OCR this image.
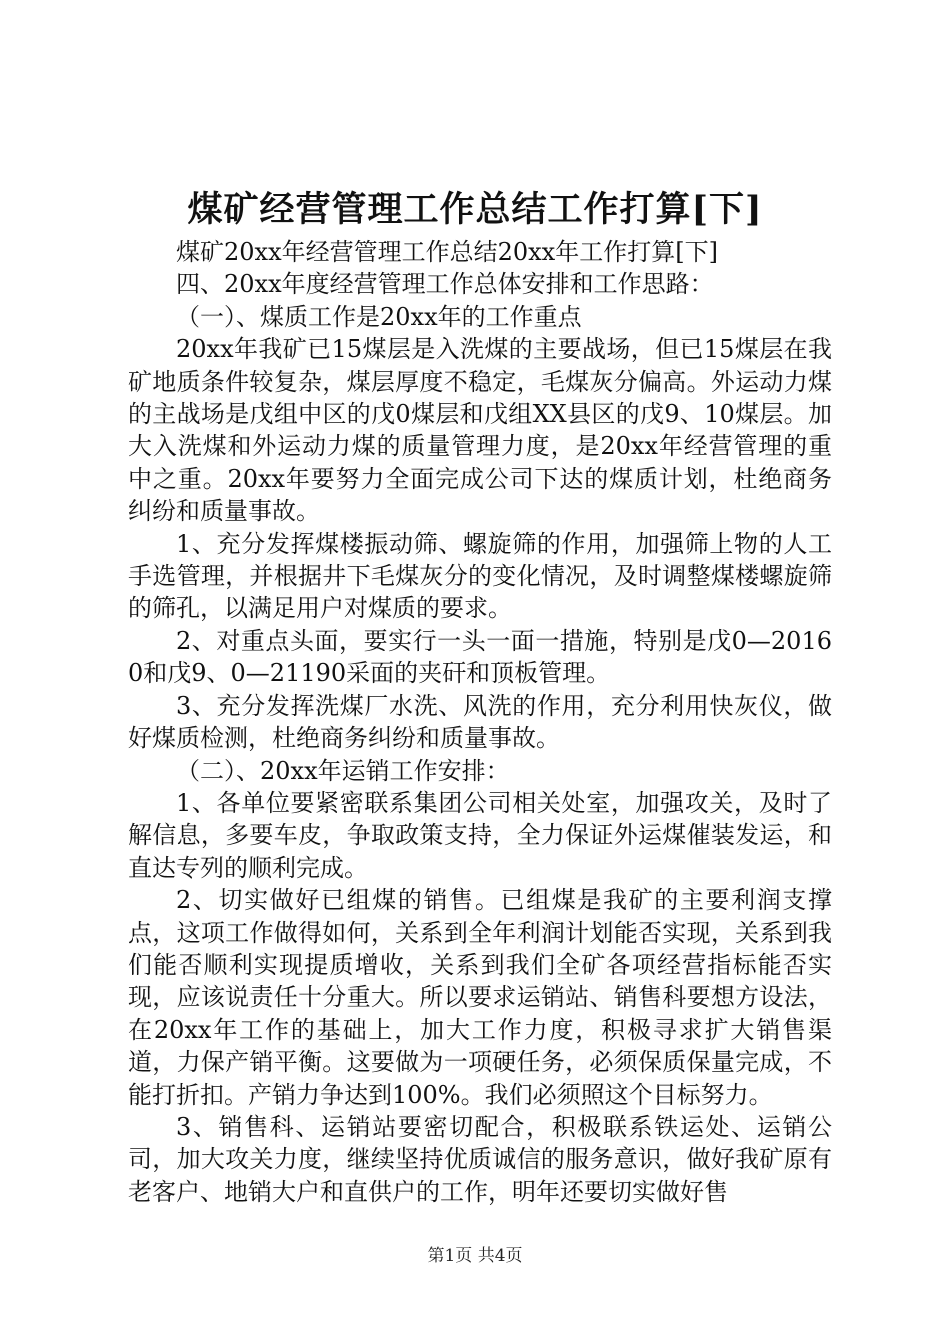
煤矿经营管理工作总结工作打算[下]

煤矿20xx年经营管理工作总结20xx年工作打算[下]

四、20xx年度经营管理工作总体安排和工作思路：

（一）、煤质工作是20xx年的工作重点

20xx年我矿已15煤层是入洗煤的主要战场，但已15煤层在我矿地质条件较复杂，煤层厚度不稳定，毛煤灰分偏高。外运动力煤的主战场是戊组中区的戊0煤层和戊组XX县区的戊9、10煤层。加大入洗煤和外运动力煤的质量管理力度，是20xx年经营管理的重中之重。20xx年要努力全面完成公司下达的煤质计划，杜绝商务纠纷和质量事故。

1、充分发挥煤楼振动筛、螺旋筛的作用，加强筛上物的人工手选管理，并根据井下毛煤灰分的变化情况，及时调整煤楼螺旋筛的筛孔，以满足用户对煤质的要求。

2、对重点头面，要实行一头一面一措施，特别是戊0—20160和戊9、0—21190采面的夹矸和顶板管理。

3、充分发挥洗煤厂水洗、风洗的作用，充分利用快灰仪，做好煤质检测，杜绝商务纠纷和质量事故。

（二）、20xx年运销工作安排：

1、各单位要紧密联系集团公司相关处室，加强攻关，及时了解信息，多要车皮，争取政策支持，全力保证外运煤催装发运，和直达专列的顺利完成。

2、切实做好已组煤的销售。已组煤是我矿的主要利润支撑点，这项工作做得如何，关系到全年利润计划能否实现，关系到我们能否顺利实现提质增收，关系到我们全矿各项经营指标能否实现，应该说责任十分重大。所以要求运销站、销售科要想方设法，在20xx年工作的基础上，加大工作力度，积极寻求扩大销售渠道，力保产销平衡。这要做为一项硬任务，必须保质保量完成，不能打折扣。产销力争达到100%。我们必须照这个目标努力。

3、销售科、运销站要密切配合，积极联系铁运处、运销公司，加大攻关力度，继续坚持优质诚信的服务意识，做好我矿原有老客户、地销大户和直供户的工作，明年还要切实做好售

第1页 共4页
